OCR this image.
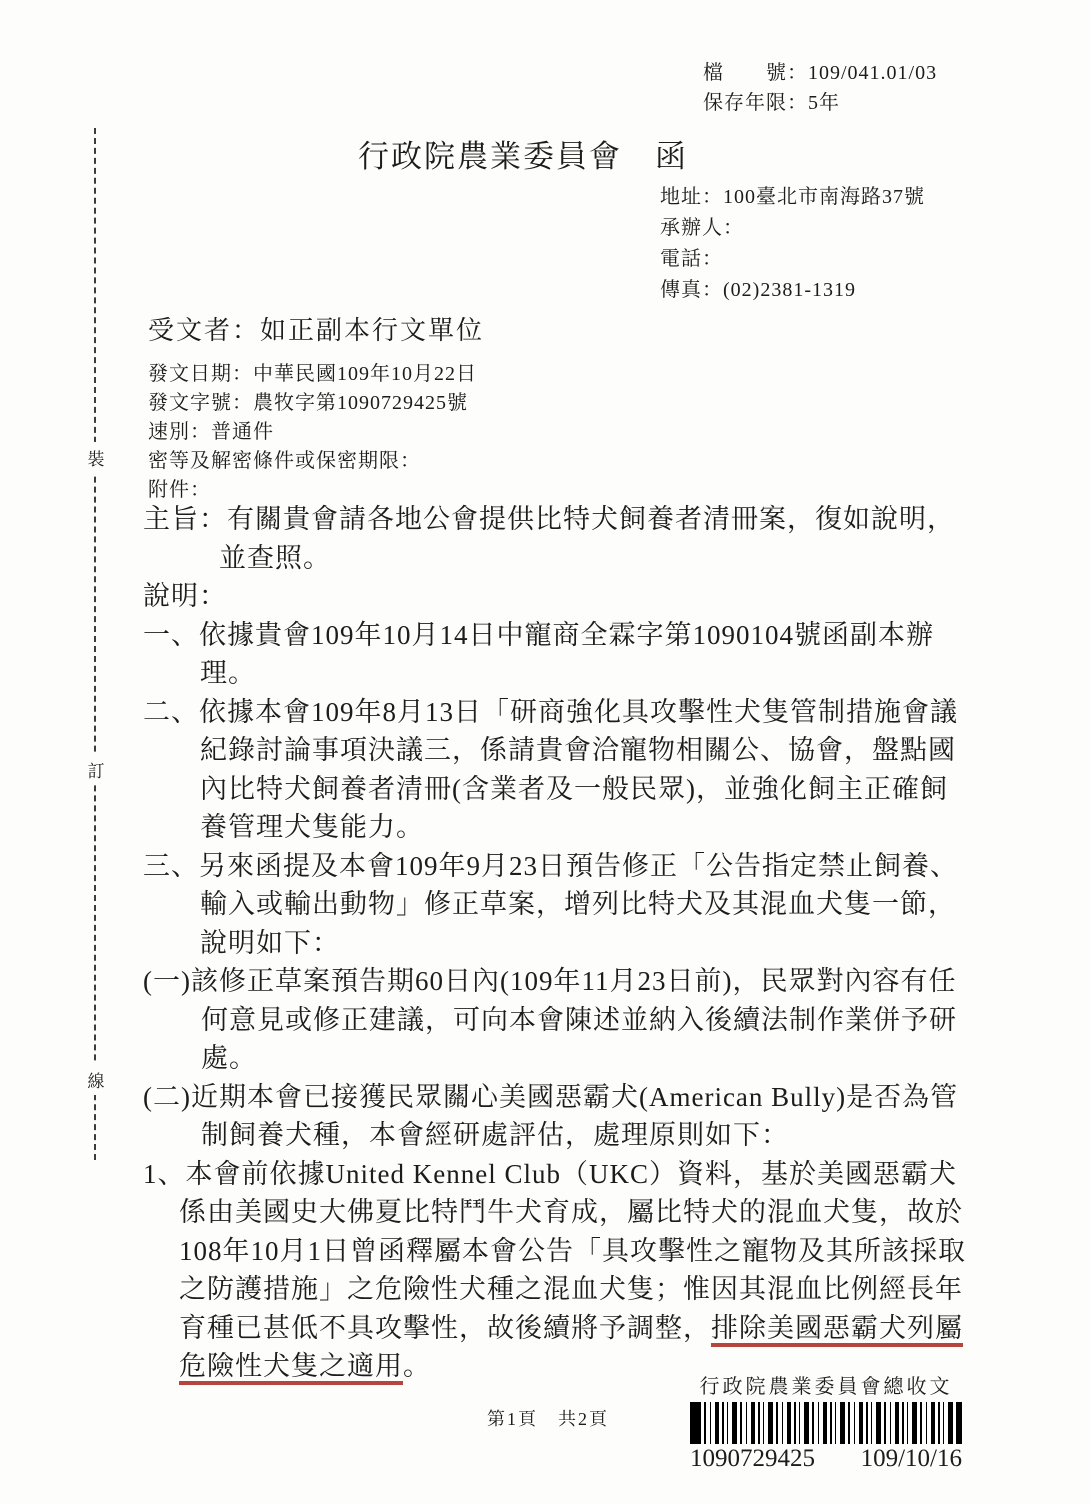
裝
訂
線
檔　　號：109/041.01/03
保存年限：5年
行政院農業委員會　函
地址：100臺北市南海路37號
承辦人：
電話：
傳真：(02)2381-1319
受文者：如正副本行文單位
發文日期：中華民國109年10月22日
發文字號：農牧字第1090729425號
速別：普通件
密等及解密條件或保密期限：
附件：

主旨：有關貴會請各地公會提供比特犬飼養者清冊案，復如說明，並查照。

說明：

一、依據貴會109年10月14日中寵商全霖字第1090104號函副本辦理。

二、依據本會109年8月13日「研商強化具攻擊性犬隻管制措施會議紀錄討論事項決議三，係請貴會洽寵物相關公、協會，盤點國內比特犬飼養者清冊(含業者及一般民眾)，並強化飼主正確飼養管理犬隻能力。

三、另來函提及本會109年9月23日預告修正「公告指定禁止飼養、輸入或輸出動物」修正草案，增列比特犬及其混血犬隻一節，說明如下：

(一)該修正草案預告期60日內(109年11月23日前)，民眾對內容有任何意見或修正建議，可向本會陳述並納入後續法制作業併予研處。

(二)近期本會已接獲民眾關心美國惡霸犬(American Bully)是否為管制飼養犬種，本會經研處評估，處理原則如下：

1、本會前依據United Kennel Club（UKC）資料，基於美國惡霸犬係由美國史大佛夏比特鬥牛犬育成，屬比特犬的混血犬隻，故於108年10月1日曾函釋屬本會公告「具攻擊性之寵物及其所該採取之防護措施」之危險性犬種之混血犬隻；惟因其混血比例經長年育種已甚低不具攻擊性，故後續將予調整，排除美國惡霸犬列屬危險性犬隻之適用。

第1頁　共2頁
行政院農業委員會總收文
1090729425 109/10/16
